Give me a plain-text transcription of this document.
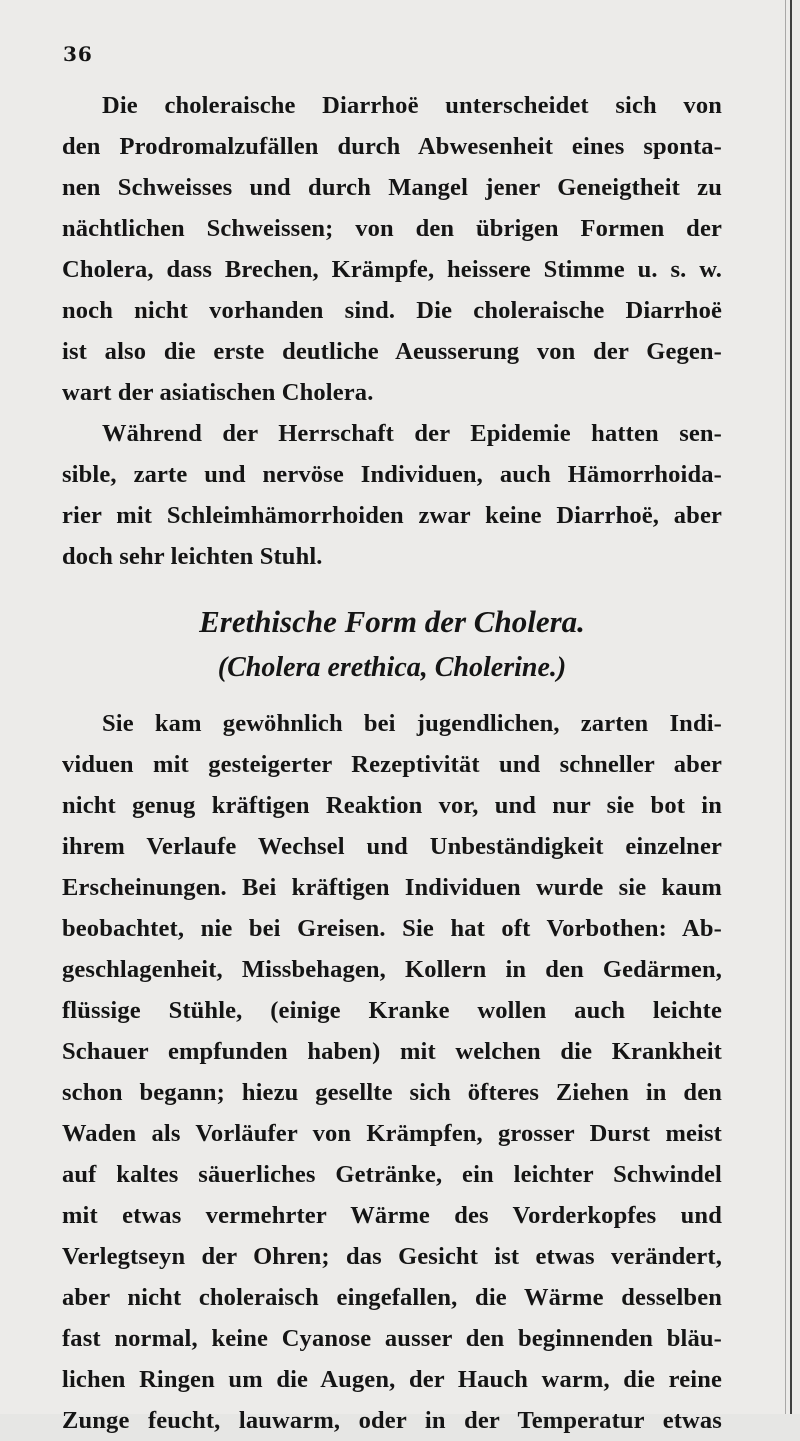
36
Die choleraische Diarrhoë unterscheidet sich von
den Prodromalzufällen durch Abwesenheit eines sponta-
nen Schweisses und durch Mangel jener Geneigtheit zu
nächtlichen Schweissen; von den übrigen Formen der
Cholera, dass Brechen, Krämpfe, heissere Stimme u. s. w.
noch nicht vorhanden sind. Die choleraische Diarrhoë
ist also die erste deutliche Aeusserung von der Gegen-
wart der asiatischen Cholera.
Während der Herrschaft der Epidemie hatten sen-
sible, zarte und nervöse Individuen, auch Hämorrhoida-
rier mit Schleimhämorrhoiden zwar keine Diarrhoë, aber
doch sehr leichten Stuhl.
Erethische Form der Cholera.
(Cholera erethica, Cholerine.)
Sie kam gewöhnlich bei jugendlichen, zarten Indi-
viduen mit gesteigerter Rezeptivität und schneller aber
nicht genug kräftigen Reaktion vor, und nur sie bot in
ihrem Verlaufe Wechsel und Unbeständigkeit einzelner
Erscheinungen. Bei kräftigen Individuen wurde sie kaum
beobachtet, nie bei Greisen. Sie hat oft Vorbothen: Ab-
geschlagenheit, Missbehagen, Kollern in den Gedärmen,
flüssige Stühle, (einige Kranke wollen auch leichte
Schauer empfunden haben) mit welchen die Krankheit
schon begann; hiezu gesellte sich öfteres Ziehen in den
Waden als Vorläufer von Krämpfen, grosser Durst meist
auf kaltes säuerliches Getränke, ein leichter Schwindel
mit etwas vermehrter Wärme des Vorderkopfes und
Verlegtseyn der Ohren; das Gesicht ist etwas verändert,
aber nicht choleraisch eingefallen, die Wärme desselben
fast normal, keine Cyanose ausser den beginnenden bläu-
lichen Ringen um die Augen, der Hauch warm, die reine
Zunge feucht, lauwarm, oder in der Temperatur etwas
